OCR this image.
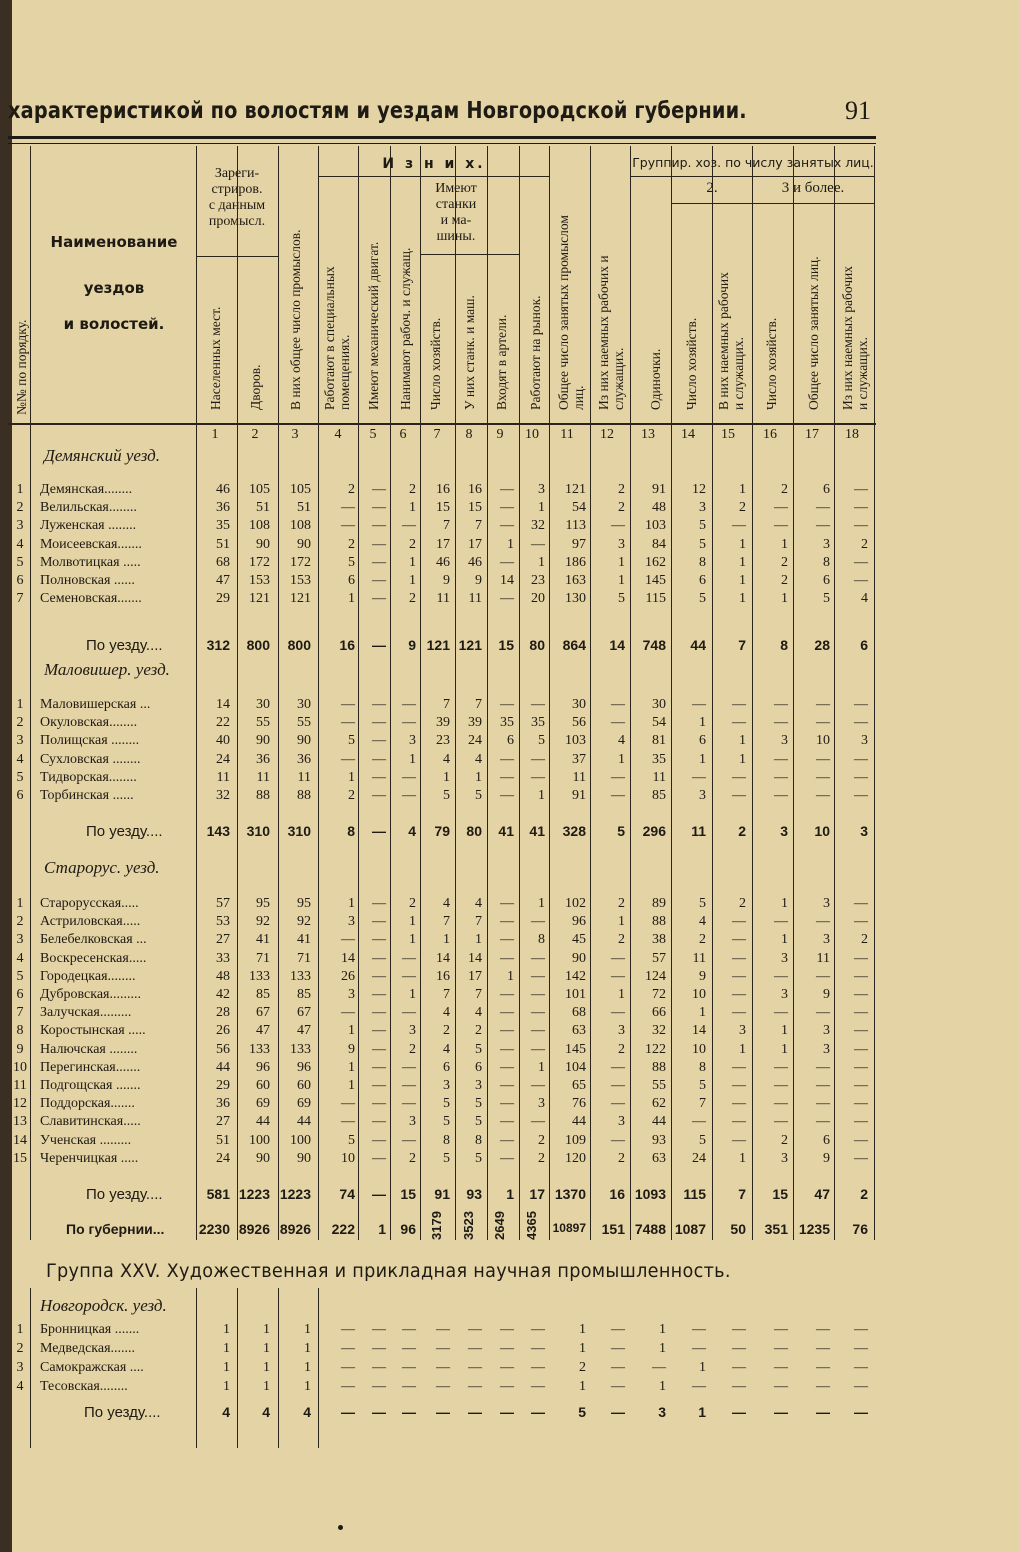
характеристикой по волостям и уездам Новгородской губернии.	91
№№ по порядку.
Наименование
уездов
и волостей.
Зареги-
стриров.
с данным
промысл.
Населенных мест. Дворов. В них общее число промыслов.
И з н и х.
Работают в специальных помещениях. Имеют механический двигат. Нанимают рабоч. и служащ.
Имеют
станки
и ма-
шины.
Число хозяйств. У них станк. и маш. Входят в артели. Работают на рынок. Общее число занятых промыслом лиц. Из них наемных рабочих и служащих.
Группир. хоз. по числу занятых лиц.
Одиночки.
2.	3 и более.
Число хозяйств. В них наемных рабочих и служащих. Число хозяйств. Общее число занятых лиц. Из них наемных рабочих и служащих.
1	2	3	4	5	6	7	8	9	10	11	12	13	14	15	16	17	18
Демянский уезд.
1 Демянская........	46 105 105	2 — 2 16 16 — 3 121 2 91 12 1	2	6 —
2 Велильская........	36 51 51 — — 1 15 15 — 1 54 2 48 3 2 — — —
3 Луженская ........	35 108 108 — — — 7 7 — 32 113 — 103 5 — — — —
4 Моисеевская.......	51 90 90	2 — 2 17 17 1 — 97 3 84 5 1	1	3 2
5 Молвотицкая .....	68 172 172	5 — 1 46 46 — 1 186 1 162 8 1	2	8 —
6 Полновская ......	47 153 153	6 — 1 9 9 14 23 163 1 145 6 1	2	6 —
7 Семеновская.......	29 121 121	1 — 2 11 11 — 20 130 5 115 5 1	1	5 4
По уезду....	312 800 800 16 — 9 121 121 15 80 864 14 748 44 7 8 28 6
Маловишер. уезд.
1 Маловишерская ...	14 30 30 — — — 7 7 — — 30 — 30 — — — — —
2 Окуловская........	22 55 55 — — — 39 39 35 35 56 — 54 1 — — — —
3 Полищская ........	40 90 90	5 — 3 23 24 6 5 103 4 81 6 1	3 10 3
4 Сухловская ........	24 36 36 — — 1 4 4 — — 37 1 35 1 1 — — —
5 Тидворская........	11 11 11	1 — — 1 1 — — 11 — 11 — — — — —
6 Торбинская ......	32 88 88	2 — — 5 5 — 1 91 — 85 3 — — — —
По уезду....	143 310 310	8 — 4 79 80 41 41 328 5 296 11 2 3 10 3
Старорус. уезд.
1 Старорусская.....	57 95 95	1 — 2 4 4 — 1 102 2 89 5 2	1	3 —
2 Астриловская.....	53 92 92	3 — 1 7 7 — — 96 1 88 4 — — — —
3 Белебелковская ...	27 41 41 — — 1 1 1 — 8 45 2 38 2 —	1	3 2
4 Воскресенская.....	33 71 71 14 — — 14 14 — — 90 — 57 11 —	3 11 —
5 Городецкая........	48 133 133 26 — — 16 17 1 — 142 — 124 9 — — — —
6 Дубровская.........	42 85 85	3 — 1 7 7 — — 101 1 72 10 —	3	9 —
7 Залучская.........	28 67 67 — — — 4 4 — — 68 — 66 1 — — — —
8 Коростынская .....	26 47 47	1 — 3 2 2 — — 63 3 32 14 3	1	3 —
9 Налючская ........	56 133 133	9 — 2 4 5 — — 145 2 122 10 1	1	3 —
10 Перегинская.......	44 96 96	1 — — 6 6 — 1 104 — 88 8 — — — —
11 Подгощская .......	29 60 60	1 — — 3 3 — — 65 — 55 5 — — — —
12 Поддорская.......	36 69 69 — — — 5 5 — 3 76 — 62 7 — — — —
13 Славитинская.....	27 44 44 — — 3 5 5 — — 44 3 44 — — — — —
14 Ученская .........	51 100 100	5 — — 8 8 — 2 109 — 93 5 —	2	6 —
15 Черенчицкая .....	24 90 90 10 — 2 5 5 — 2 120 2 63 24 1	3	9 —
По уезду....	581 1223 1223 74 — 15 91 93 1 17 1370 16 1093 115 7 15 47 2
По губернии... 2230 8926 8926 222 1 96 3179 3523 2649 4365 10897 151 7488 1087 50 351 1235 76
Группа XXV. Художественная и прикладная научная промышленность.
Новгородск. уезд.
1 Бронницкая .......	1 1 1 — — — — — — — 1 — 1 — — — — —
2 Медведская.......	1 1 1 — — — — — — — 1 — 1 — — — — —
3 Самокражская ....	1 1 1 — — — — — — — 2 — — 1 — — — —
4 Тесовская........	1 1 1 — — — — — — — 1 — 1 — — — — —
По уезду....	4 4 4 — — — — — — — 5 — 3 1 — — — —
